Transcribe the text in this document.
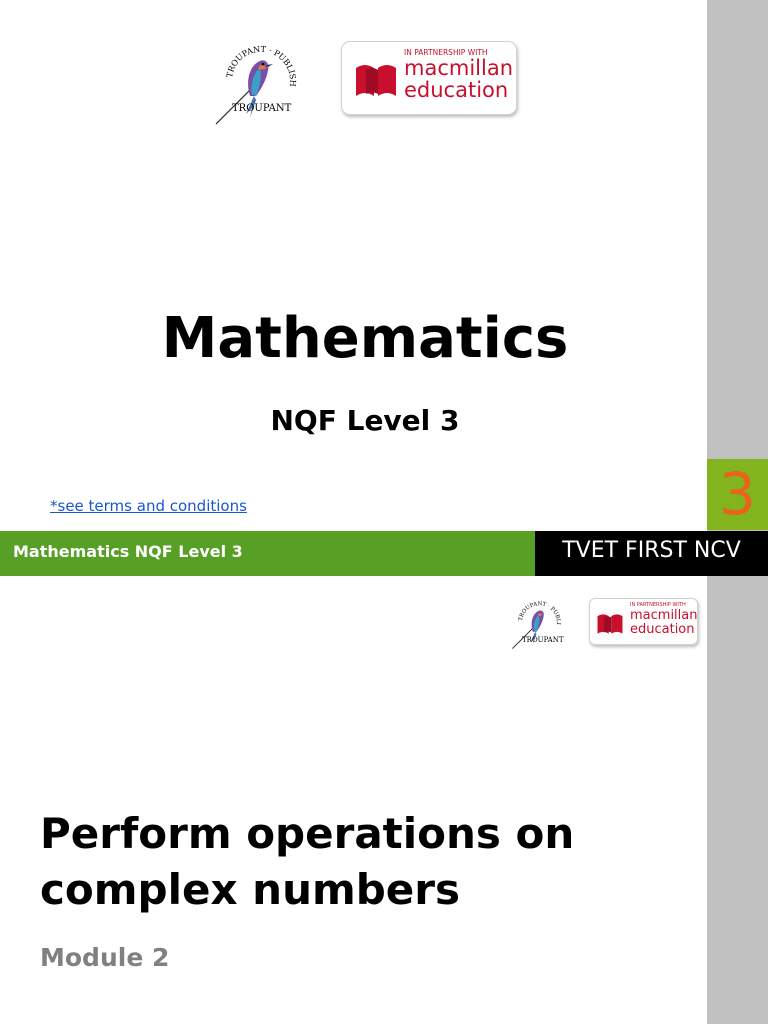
3
TROUPANT · PUBLISH
TROUPANT
IN PARTNERSHIP WITH
macmillan
education
Mathematics
NQF Level 3
*see terms and conditions
Mathematics NQF Level 3	TVET FIRST NCV
TROUPANT · PUBLI
TROUPANT
IN PARTNERSHIP WITH
macmillan
education
Perform operations on
complex numbers
Module 2
